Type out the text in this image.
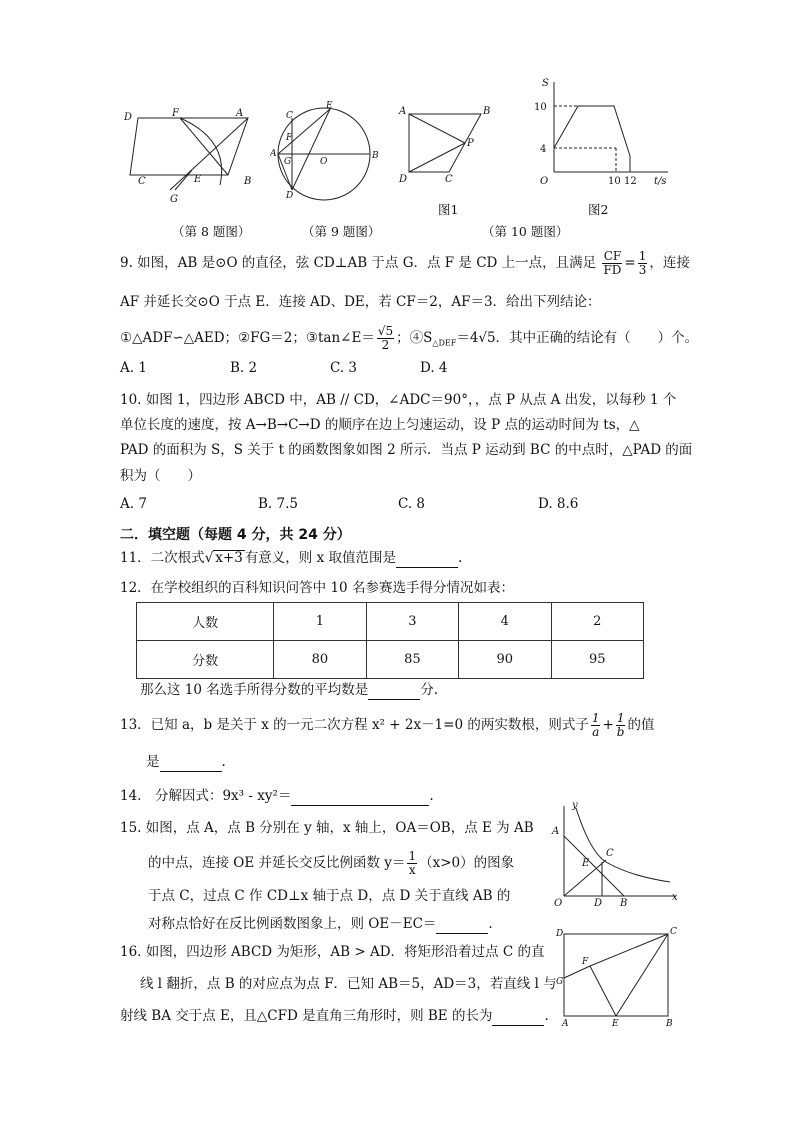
D	F	A
C	E	B
G
C
E
F
A
G	O
B
D
A	B
P
D	C
S
10
4
O	10 12 t/s
（第 8 题图）	（第 9 题图）
图1	图2
（第 10 题图）
9. 如图，AB 是⊙O 的直径，弦 CD⊥AB 于点 G．点 F 是 CD 上一点，且满足 $\frac{CF}{FD} = \frac{1}{3}$ ，连接
AF 并延长交⊙O 于点 E．连接 AD、DE，若 CF＝2，AF＝3．给出下列结论：
①△ADF∽△AED；②FG＝2；③tan∠E＝ $\frac{√5}{2}$ ；$④S_{\triangle DEF}=4√5$．其中正确的结论有（　　）个。
A. 1	B. 2	C. 3	D. 4
10. 如图 1，四边形 ABCD 中，AB // CD，∠ADC＝90°，，点 P 从点 A 出发，以每秒 1 个
单位长度的速度，按 A→B→C→D 的顺序在边上匀速运动，设 P 点的运动时间为 ts，△
PAD 的面积为 S，S 关于 t 的函数图象如图 2 所示．当点 P 运动到 BC 的中点时，△PAD 的面
积为（　　）
A. 7	B. 7.5	C. 8	D. 8.6
二．填空题（每题 4 分，共 24 分）
11．二次根式√ x+3 有意义，则 x 取值范围是	.
12．在学校组织的百科知识问答中 10 名参赛选手得分情况如表：
人数	1	3	4	2
分数	80	85	90	95
那么这 10 名选手所得分数的平均数是	分.
13．已知 a，b 是关于 x 的一元二次方程 x² + 2x－1=0 的两实数根，则式子 $\frac{1}{a} + \frac{1}{b}$ 的值
是	.
14.　分解因式：9x³ - xy²＝	.
15. 如图，点 A，点 B 分别在 y 轴，x 轴上，OA＝OB，点 E 为 AB
的中点，连接 OE 并延长交反比例函数 $y= \frac{1}{x} (x>0)$的图象
于点 C，过点 C 作 CD⊥x 轴于点 D，点 D 关于直线 AB 的
对称点恰好在反比例函数图象上，则 OE－EC＝	.
y
A
E
C
O	D B
x
16. 如图，四边形 ABCD 为矩形，AB > AD．将矩形沿着过点 C 的直
线 l 翻折，点 B 的对应点为点 F．已知 AB＝5，AD＝3，若直线 l 与
射线 BA 交于点 E，且△CFD 是直角三角形时，则 BE 的长为	.
D	C
F
G
A	E	B
